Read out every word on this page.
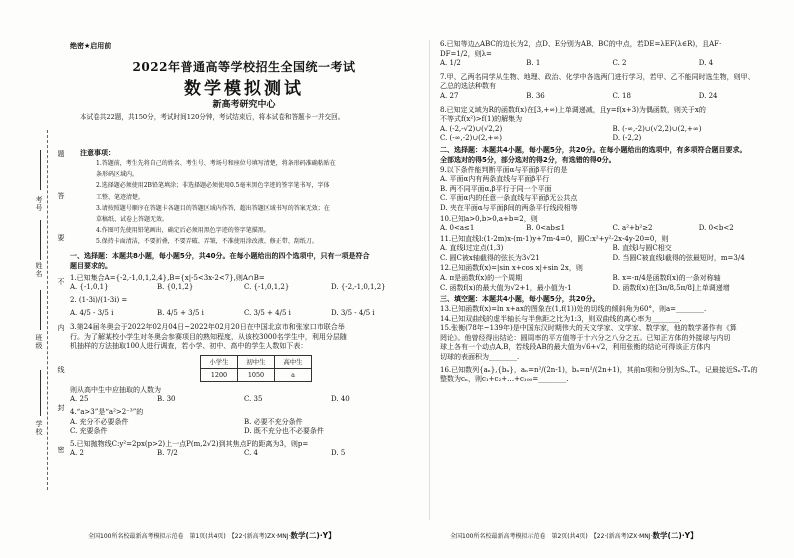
题
答
要
不
内
线
封
密
考号
姓名
班级
学校
绝密★启用前
2022年普通高等学校招生全国统一考试
数学模拟测试
新高考研究中心
本试卷共22题，共150分，考试时间120分钟，考试结束后，将本试卷和答题卡一并交回。
注意事项：
1.答题前，考生先将自己的姓名、考生号、考场号和座位号填写清楚，将条形码准确粘贴在
条形码区域内。
2.选择题必须使用2B铅笔填涂；非选择题必须使用0.5毫米黑色字迹的签字笔书写，字体
工整、笔迹清楚。
3.请按照题号顺序在答题卡各题目的答题区域内作答，超出答题区域书写的答案无效；在
草稿纸、试卷上答题无效。
4.作图可先使用铅笔画出，确定后必须用黑色字迹的签字笔描黑。
5.保持卡面清洁，不要折叠，不要弄破、弄皱，不准使用涂改液、修正带、刮纸刀。
一、选择题：本题共8小题，每小题5分，共40分。在每小题给出的四个选项中，只有一项是符合
题目要求的。
1.已知集合A={-2,-1,0,1,2,4},B={x|-5<3x-2<7},则A∩B=
A. {-1,0,1}	B. {0,1,2}	C. {-1,0,1,2}	D. {-2,-1,0,1,2}
2. (1-3i)/(1-3i) =
A. 4/5 - 3/5 i	B. 4/5 + 3/5 i	C. 3/5 + 4/5 i	D. 3/5 - 4/5 i
3.第24届冬奥会于2022年02月04日~2022年02月20日在中国北京市和张家口市联合举
行。为了解某校小学生对冬奥会参赛项目的熟知程度，从该校3000名学生中，利用分层随
机抽样的方法抽取100人进行调查，若小学、初中、高中的学生人数如下表：
小学生	初中生	高中生
1200	1050	a
则从高中生中应抽取的人数为
A. 25	B. 30	C. 35	D. 40
4.“a>3”是“a²>2⁻³”的
A. 充分不必要条件	B. 必要不充分条件
C. 充要条件	D. 既不充分也不必要条件
5.已知抛物线C:y²=2px(p>2)上一点P(m,2√2)到其焦点F的距离为3，则p=
A. 2	B. 7/2	C. 4	D. 5
6.已知等边△ABC的边长为2，点D、E分别为AB、BC的中点，若DE=λEF(λ∈R)，且AF·
DF=1/2，则λ=
A. 1/2	B. 1	C. 2	D. 4
7.甲、乙两名同学从生物、地理、政治、化学中各选两门进行学习，若甲、乙不能同时选生物，则甲、
乙总的选法种数有
A. 27	B. 36	C. 18	D. 24
8.已知定义域为R的函数f(x)在[3,+∞)上单调递减，且y=f(x+3)为偶函数，则关于x的
不等式f(x²)>f(1)的解集为
A. (-2,-√2)∪(√2,2)	B. (-∞,-2)∪(√2,2)∪(2,+∞)
C. (-∞,-2)∪(2,+∞)	D. (-2,2)
二、选择题：本题共4小题，每小题5分，共20分。在每小题给出的选项中，有多项符合题目要求。
全部选对的得5分，部分选对的得2分，有选错的得0分。
9.以下条件能判断平面α与平面β平行的是
A. 平面α内有两条直线与平面β平行
B. 两不同平面α,β平行于同一个平面
C. 平面α内的任意一条直线与平面β无公共点
D. 夹在平面α与平面β间的两条平行线段相等
10.已知a>0,b>0,a+b=2，则
A. 0<a≤1	B. 0<ab≤1	C. a²+b²≥2	D. 0<b<2
11.已知直线l:(1-2m)x-(m-1)y+7m-4=0，圆C:x²+y²-2x-4y-20=0，则
A. 直线l过定点(1,3)	B. 直线l与圆C相交
C. 圆C被x轴截得的弦长为3√21	D. 当圆C被直线l截得的弦最短时，m=3/4
12.已知函数f(x)=|sin x+cos x|+sin 2x，则
A. π是函数f(x)的一个周期	B. x=-π/4是函数f(x)的一条对称轴
C. 函数f(x)的最大值为√2+1，最小值为-1	D. 函数f(x)在[3π/8,5π/8]上单调递增
三、填空题：本题共4小题，每小题5分，共20分。
13.已知函数f(x)=ln x+ax的图象在(1,f(1))处的切线的倾斜角为60°，则a=________.
14.已知双曲线的虚半轴长与半焦距之比为1:3，则双曲线的离心率为________.
15.张衡(78年~139年)是中国东汉时期伟大的天文学家、文学家、数学家，他的数学著作有《算
罔论》。他曾经得出结论：圆周率的平方值等于十六分之八分之五。已知正方体的外接球与内切
球上各有一个动点A,B，若线段AB的最大值为√6+√2，利用张衡的结论可得该正方体内
切球的表面积为________.
16.已知数列{aₙ},{bₙ}，aₙ=n²/(2n-1)，bₙ=n²/(2n+1)，其前n项和分别为Sₙ,Tₙ，记最接近Sₙ-Tₙ的
整数为cₙ，则c₁+c₂+…+c₁₀₀=________.
全国100所名校最新高考模拟示范卷　第1页(共4页)　【22·(新高考)ZX·MNJ·数学(二)·Y】	全国100所名校最新高考模拟示范卷　第2页(共4页)　【22·(新高考)ZX·MNJ·数学(二)·Y】
